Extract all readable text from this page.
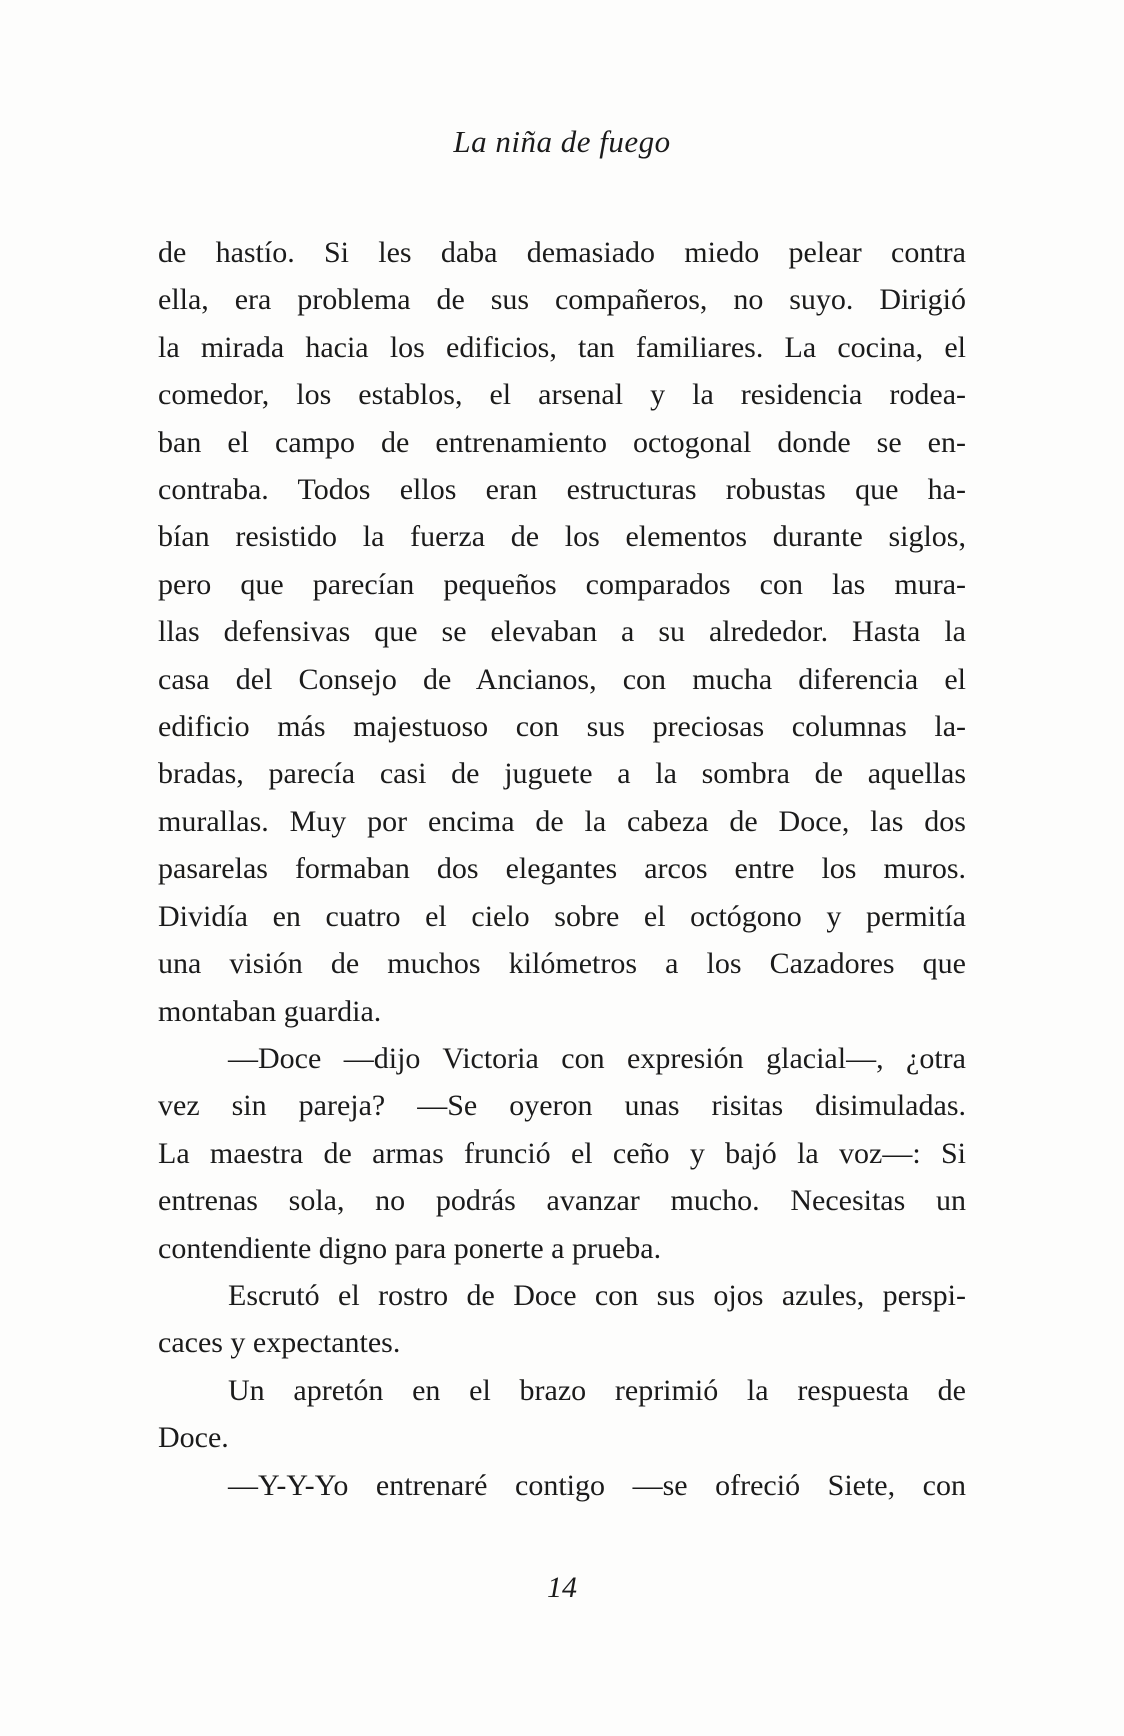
La niña de fuego
de hastío. Si les daba demasiado miedo pelear contra
ella, era problema de sus compañeros, no suyo. Dirigió
la mirada hacia los edificios, tan familiares. La cocina, el
comedor, los establos, el arsenal y la residencia rodea-
ban el campo de entrenamiento octogonal donde se en-
contraba. Todos ellos eran estructuras robustas que ha-
bían resistido la fuerza de los elementos durante siglos,
pero que parecían pequeños comparados con las mura-
llas defensivas que se elevaban a su alrededor. Hasta la
casa del Consejo de Ancianos, con mucha diferencia el
edificio más majestuoso con sus preciosas columnas la-
bradas, parecía casi de juguete a la sombra de aquellas
murallas. Muy por encima de la cabeza de Doce, las dos
pasarelas formaban dos elegantes arcos entre los muros.
Dividía en cuatro el cielo sobre el octógono y permitía
una visión de muchos kilómetros a los Cazadores que
montaban guardia.
—Doce —dijo Victoria con expresión glacial—, ¿otra
vez sin pareja? —Se oyeron unas risitas disimuladas.
La maestra de armas frunció el ceño y bajó la voz—: Si
entrenas sola, no podrás avanzar mucho. Necesitas un
contendiente digno para ponerte a prueba.
Escrutó el rostro de Doce con sus ojos azules, perspi-
caces y expectantes.
Un apretón en el brazo reprimió la respuesta de
Doce.
—Y-Y-Yo entrenaré contigo —se ofreció Siete, con
14
